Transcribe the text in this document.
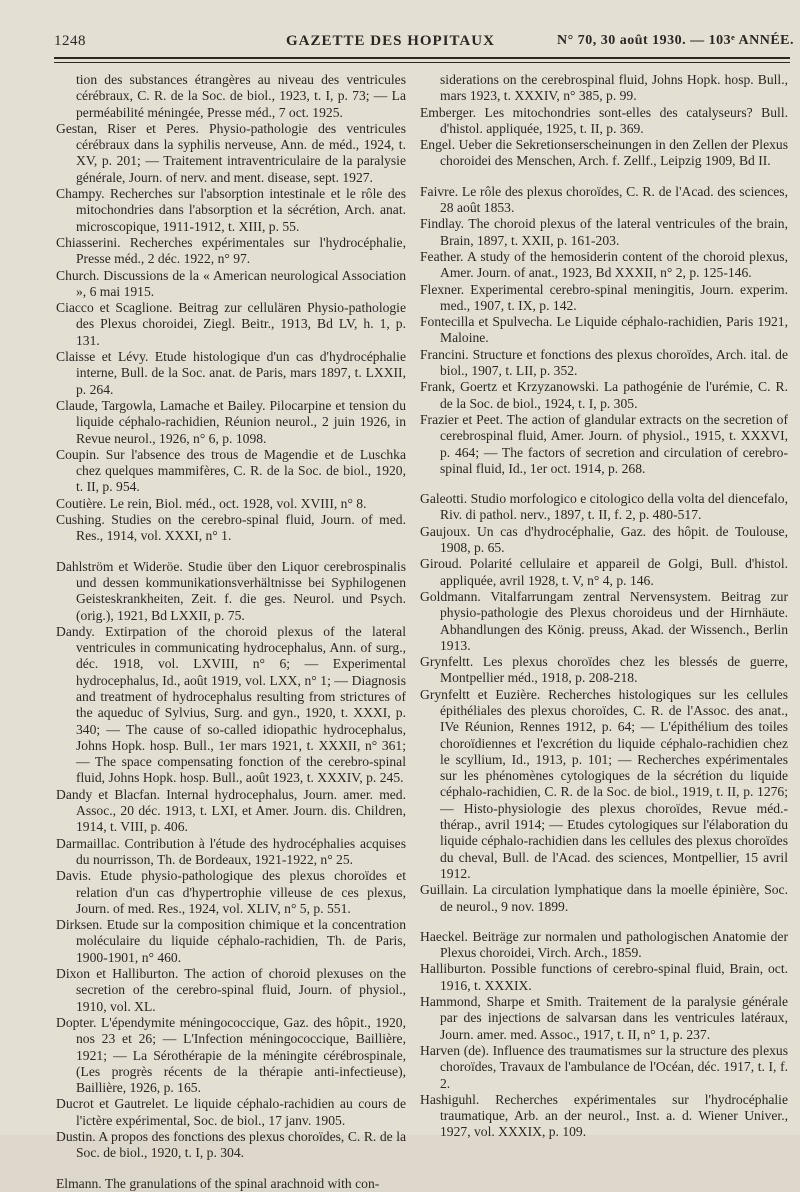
1248	GAZETTE DES HOPITAUX	N° 70, 30 août 1930. — 103ᵉ ANNÉE.

tion des substances étrangères au niveau des ventricules cérébraux, C. R. de la Soc. de biol., 1923, t. I, p. 73; — La perméabilité méningée, Presse méd., 7 oct. 1925.

Gestan, Riser et Peres. Physio-pathologie des ventricules cérébraux dans la syphilis nerveuse, Ann. de méd., 1924, t. XV, p. 201; — Traitement intraventriculaire de la paralysie générale, Journ. of nerv. and ment. disease, sept. 1927.

Champy. Recherches sur l'absorption intestinale et le rôle des mitochondries dans l'absorption et la sécrétion, Arch. anat. microscopique, 1911-1912, t. XIII, p. 55.

Chiasserini. Recherches expérimentales sur l'hydrocéphalie, Presse méd., 2 déc. 1922, n° 97.

Church. Discussions de la « American neurological Association », 6 mai 1915.

Ciacco et Scaglione. Beitrag zur cellulären Physio-pathologie des Plexus choroidei, Ziegl. Beitr., 1913, Bd LV, h. 1, p. 131.

Claisse et Lévy. Etude histologique d'un cas d'hydrocéphalie interne, Bull. de la Soc. anat. de Paris, mars 1897, t. LXXII, p. 264.

Claude, Targowla, Lamache et Bailey. Pilocarpine et tension du liquide céphalo-rachidien, Réunion neurol., 2 juin 1926, in Revue neurol., 1926, n° 6, p. 1098.

Coupin. Sur l'absence des trous de Magendie et de Luschka chez quelques mammifères, C. R. de la Soc. de biol., 1920, t. II, p. 954.

Coutière. Le rein, Biol. méd., oct. 1928, vol. XVIII, n° 8.

Cushing. Studies on the cerebro-spinal fluid, Journ. of med. Res., 1914, vol. XXXI, n° 1.

Dahlström et Wideröe. Studie über den Liquor cerebrospinalis und dessen kommunikationsverhältnisse bei Syphilogenen Geisteskrankheiten, Zeit. f. die ges. Neurol. und Psych. (orig.), 1921, Bd LXXII, p. 75.

Dandy. Extirpation of the choroid plexus of the lateral ventricules in communicating hydrocephalus, Ann. of surg., déc. 1918, vol. LXVIII, n° 6; — Experimental hydrocephalus, Id., août 1919, vol. LXX, n° 1; — Diagnosis and treatment of hydrocephalus resulting from strictures of the aqueduc of Sylvius, Surg. and gyn., 1920, t. XXXI, p. 340; — The cause of so-called idiopathic hydrocephalus, Johns Hopk. hosp. Bull., 1er mars 1921, t. XXXII, n° 361; — The space compensating fonction of the cerebro-spinal fluid, Johns Hopk. hosp. Bull., août 1923, t. XXXIV, p. 245.

Dandy et Blacfan. Internal hydrocephalus, Journ. amer. med. Assoc., 20 déc. 1913, t. LXI, et Amer. Journ. dis. Children, 1914, t. VIII, p. 406.

Darmaillac. Contribution à l'étude des hydrocéphalies acquises du nourrisson, Th. de Bordeaux, 1921-1922, n° 25.

Davis. Etude physio-pathologique des plexus choroïdes et relation d'un cas d'hypertrophie villeuse de ces plexus, Journ. of med. Res., 1924, vol. XLIV, n° 5, p. 551.

Dirksen. Etude sur la composition chimique et la concentration moléculaire du liquide céphalo-rachidien, Th. de Paris, 1900-1901, n° 460.

Dixon et Halliburton. The action of choroid plexuses on the secretion of the cerebro-spinal fluid, Journ. of physiol., 1910, vol. XL.

Dopter. L'épendymite méningococcique, Gaz. des hôpit., 1920, nos 23 et 26; — L'Infection méningococcique, Baillière, 1921; — La Sérothérapie de la méningite cérébrospinale, (Les progrès récents de la thérapie anti-infectieuse), Baillière, 1926, p. 165.

Ducrot et Gautrelet. Le liquide céphalo-rachidien au cours de l'ictère expérimental, Soc. de biol., 17 janv. 1905.

Dustin. A propos des fonctions des plexus choroïdes, C. R. de la Soc. de biol., 1920, t. I, p. 304.

Elmann. The granulations of the spinal arachnoid with con-

siderations on the cerebrospinal fluid, Johns Hopk. hosp. Bull., mars 1923, t. XXXIV, n° 385, p. 99.

Emberger. Les mitochondries sont-elles des catalyseurs? Bull. d'histol. appliquée, 1925, t. II, p. 369.

Engel. Ueber die Sekretionserscheinungen in den Zellen der Plexus choroidei des Menschen, Arch. f. Zellf., Leipzig 1909, Bd II.

Faivre. Le rôle des plexus choroïdes, C. R. de l'Acad. des sciences, 28 août 1853.

Findlay. The choroid plexus of the lateral ventricules of the brain, Brain, 1897, t. XXII, p. 161-203.

Feather. A study of the hemosiderin content of the choroid plexus, Amer. Journ. of anat., 1923, Bd XXXII, n° 2, p. 125-146.

Flexner. Experimental cerebro-spinal meningitis, Journ. experim. med., 1907, t. IX, p. 142.

Fontecilla et Spulvecha. Le Liquide céphalo-rachidien, Paris 1921, Maloine.

Francini. Structure et fonctions des plexus choroïdes, Arch. ital. de biol., 1907, t. LII, p. 352.

Frank, Goertz et Krzyzanowski. La pathogénie de l'urémie, C. R. de la Soc. de biol., 1924, t. I, p. 305.

Frazier et Peet. The action of glandular extracts on the secretion of cerebrospinal fluid, Amer. Journ. of physiol., 1915, t. XXXVI, p. 464; — The factors of secretion and circulation of cerebro-spinal fluid, Id., 1er oct. 1914, p. 268.

Galeotti. Studio morfologico e citologico della volta del diencefalo, Riv. di pathol. nerv., 1897, t. II, f. 2, p. 480-517.

Gaujoux. Un cas d'hydrocéphalie, Gaz. des hôpit. de Toulouse, 1908, p. 65.

Giroud. Polarité cellulaire et appareil de Golgi, Bull. d'histol. appliquée, avril 1928, t. V, n° 4, p. 146.

Goldmann. Vitalfarrungam zentral Nervensystem. Beitrag zur physio-pathologie des Plexus choroideus und der Hirnhäute. Abhandlungen des König. preuss, Akad. der Wissench., Berlin 1913.

Grynfeltt. Les plexus choroïdes chez les blessés de guerre, Montpellier méd., 1918, p. 208-218.

Grynfeltt et Euzière. Recherches histologiques sur les cellules épithéliales des plexus choroïdes, C. R. de l'Assoc. des anat., IVe Réunion, Rennes 1912, p. 64; — L'épithélium des toiles choroïdiennes et l'excrétion du liquide céphalo-rachidien chez le scyllium, Id., 1913, p. 101; — Recherches expérimentales sur les phénomènes cytologiques de la sécrétion du liquide céphalo-rachidien, C. R. de la Soc. de biol., 1919, t. II, p. 1276; — Histo-physiologie des plexus choroïdes, Revue méd.-thérap., avril 1914; — Etudes cytologiques sur l'élaboration du liquide céphalo-rachidien dans les cellules des plexus choroïdes du cheval, Bull. de l'Acad. des sciences, Montpellier, 15 avril 1912.

Guillain. La circulation lymphatique dans la moelle épinière, Soc. de neurol., 9 nov. 1899.

Haeckel. Beiträge zur normalen und pathologischen Anatomie der Plexus choroidei, Virch. Arch., 1859.

Halliburton. Possible functions of cerebro-spinal fluid, Brain, oct. 1916, t. XXXIX.

Hammond, Sharpe et Smith. Traitement de la paralysie générale par des injections de salvarsan dans les ventricules latéraux, Journ. amer. med. Assoc., 1917, t. II, n° 1, p. 237.

Harven (de). Influence des traumatismes sur la structure des plexus choroïdes, Travaux de l'ambulance de l'Océan, déc. 1917, t. I, f. 2.

Hashiguhl. Recherches expérimentales sur l'hydrocéphalie traumatique, Arb. an der neurol., Inst. a. d. Wiener Univer., 1927, vol. XXXIX, p. 109.
